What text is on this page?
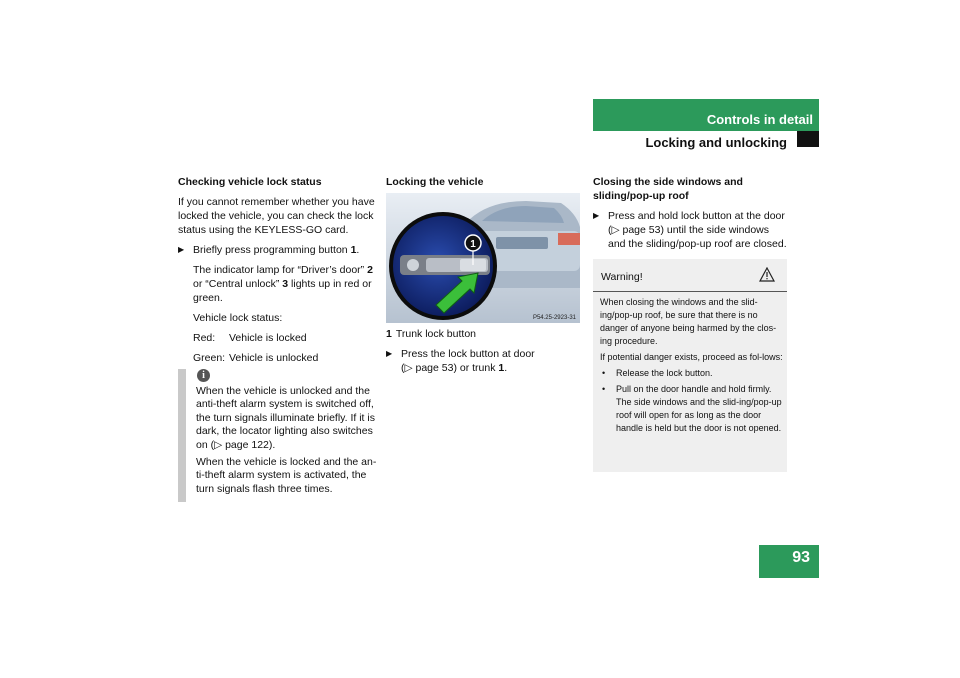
Controls in detail
Locking and unlocking

Checking vehicle lock status

If you cannot remember whether you have locked the vehicle, you can check the lock status using the KEYLESS-GO card.

▶ Briefly press programming button 1.

The indicator lamp for “Driver’s door” 2 or “Central unlock” 3 lights up in red or green.

Vehicle lock status:

Red: Vehicle is locked

Green: Vehicle is unlocked

i

When the vehicle is unlocked and the anti-theft alarm system is switched off, the turn signals illuminate briefly. If it is dark, the locator lighting also switches on (▷ page 122).

When the vehicle is locked and the an-ti-theft alarm system is activated, the turn signals flash three times.

Locking the vehicle

1
P54.25-2923-31

1 Trunk lock button

▶ Press the lock button at door
(▷ page 53) or trunk 1.

Closing the side windows and
sliding/pop-up roof

▶ Press and hold lock button at the door (▷ page 53) until the side windows and the sliding/pop-up roof are closed.

Warning!

When closing the windows and the slid-ing/pop-up roof, be sure that there is no danger of anyone being harmed by the clos-ing procedure.

If potential danger exists, proceed as fol-lows:

• Release the lock button.

• Pull on the door handle and hold firmly. The side windows and the slid-ing/pop-up roof will open for as long as the door handle is held but the door is not opened.

93
